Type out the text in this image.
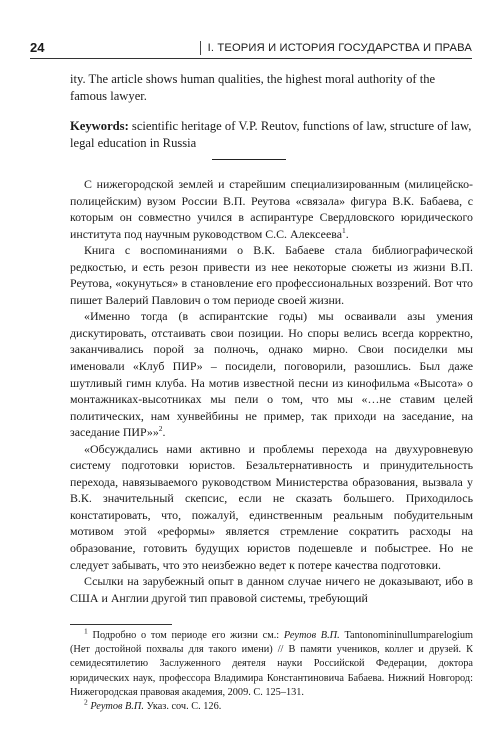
24	I. ТЕОРИЯ И ИСТОРИЯ ГОСУДАРСТВА И ПРАВА
ity. The article shows human qualities, the highest moral authority of the famous lawyer.
Keywords: scientific heritage of V.P. Reutov, functions of law, structure of law, legal education in Russia

С нижегородской землей и старейшим специализированным (милицейско-полицейским) вузом России В.П. Реутова «связала» фигура В.К. Бабаева, с которым он совместно учился в аспирантуре Свердловского юридического института под научным руководством С.С. Алексеева$^1$.

Книга с воспоминаниями о В.К. Бабаеве стала библиографической редкостью, и есть резон привести из нее некоторые сюжеты из жизни В.П. Реутова, «окунуться» в становление его профессиональных воззрений. Вот что пишет Валерий Павлович о том периоде своей жизни.

«Именно тогда (в аспирантские годы) мы осваивали азы умения дискутировать, отстаивать свои позиции. Но споры велись всегда корректно, заканчивались порой за полночь, однако мирно. Свои посиделки мы именовали «Клуб ПИР» – посидели, поговорили, разошлись. Был даже шутливый гимн клуба. На мотив известной песни из кинофильма «Высота» о монтажниках-высотниках мы пели о том, что мы «…не ставим целей политических, нам хунвейбины не пример, так приходи на заседание, на заседание ПИР»»$^2$.

«Обсуждались нами активно и проблемы перехода на двухуровневую систему подготовки юристов. Безальтернативность и принудительность перехода, навязываемого руководством Министерства образования, вызвала у В.К. значительный скепсис, если не сказать большего. Приходилось констатировать, что, пожалуй, единственным реальным побудительным мотивом этой «реформы» является стремление сократить расходы на образование, готовить будущих юристов подешевле и побыстрее. Но не следует забывать, что это неизбежно ведет к потере качества подготовки.

Ссылки на зарубежный опыт в данном случае ничего не доказывают, ибо в США и Англии другой тип правовой системы, требующий

$^1$ Подробно о том периоде его жизни см.: Реутов В.П. Tantonomininullumparelogium (Нет достойной похвалы для такого имени) // В памяти учеников, коллег и друзей. К семидесятилетию Заслуженного деятеля науки Российской Федерации, доктора юридических наук, профессора Владимира Константиновича Бабаева. Нижний Новгород: Нижегородская правовая академия, 2009. С. 125–131.

$^2$ Реутов В.П. Указ. соч. С. 126.
